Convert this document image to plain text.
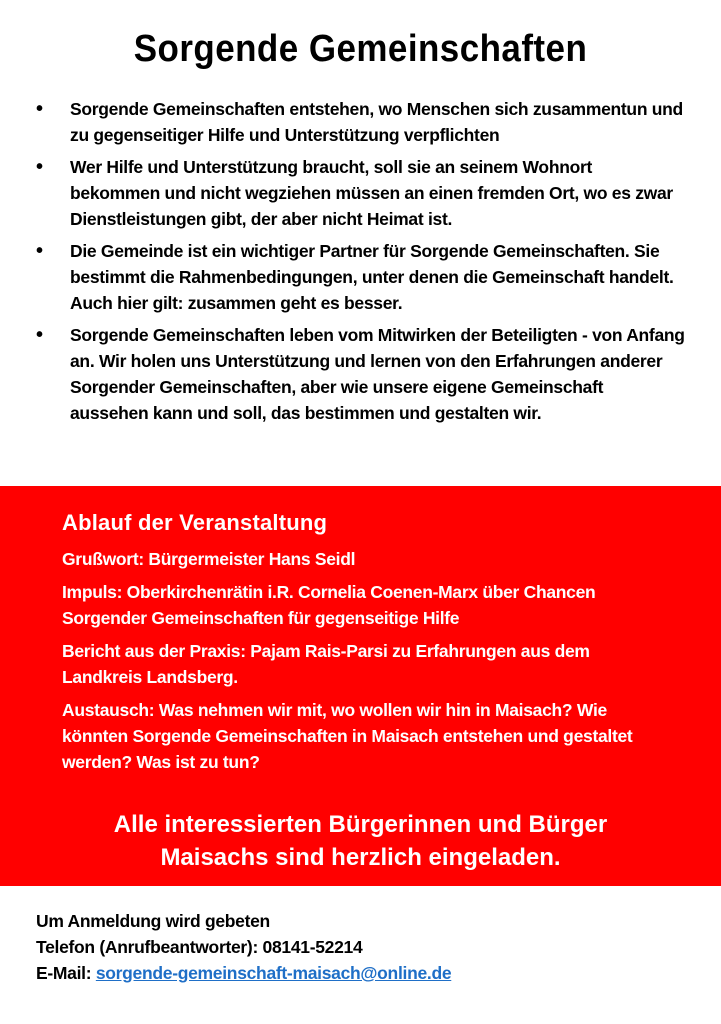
Sorgende Gemeinschaften
• Sorgende Gemeinschaften entstehen, wo Menschen sich zusammentun und zu gegenseitiger Hilfe und Unterstützung verpflichten
• Wer Hilfe und Unterstützung braucht, soll sie an seinem Wohnort bekommen und nicht wegziehen müssen an einen fremden Ort, wo es zwar Dienstleistungen gibt, der aber nicht Heimat ist.
• Die Gemeinde ist ein wichtiger Partner für Sorgende Gemeinschaften. Sie bestimmt die Rahmenbedingungen, unter denen die Gemeinschaft handelt. Auch hier gilt: zusammen geht es besser.
• Sorgende Gemeinschaften leben vom Mitwirken der Beteiligten - von Anfang an. Wir holen uns Unterstützung und lernen von den Erfahrungen anderer Sorgender Gemeinschaften, aber wie unsere eigene Gemeinschaft aussehen kann und soll, das bestimmen und gestalten wir.
Ablauf der Veranstaltung
Grußwort: Bürgermeister Hans Seidl
Impuls: Oberkirchenrätin i.R. Cornelia Coenen-Marx über Chancen Sorgender Gemeinschaften für gegenseitige Hilfe
Bericht aus der Praxis: Pajam Rais-Parsi zu Erfahrungen aus dem Landkreis Landsberg.
Austausch: Was nehmen wir mit, wo wollen wir hin in Maisach? Wie könnten Sorgende Gemeinschaften in Maisach entstehen und gestaltet werden? Was ist zu tun?
Alle interessierten Bürgerinnen und Bürger
Maisachs sind herzlich eingeladen.
Um Anmeldung wird gebeten
Telefon (Anrufbeantworter): 08141-52214
E-Mail: sorgende-gemeinschaft-maisach@online.de
